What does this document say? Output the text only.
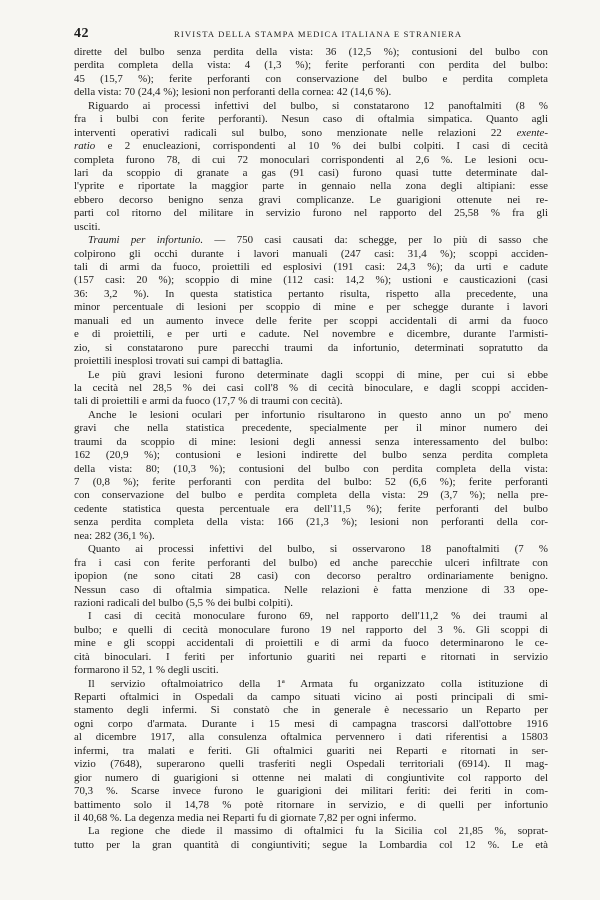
42	RIVISTA DELLA STAMPA MEDICA ITALIANA E STRANIERA
dirette del bulbo senza perdita della vista: 36 (12,5 %); contusioni del bulbo con
perdita completa della vista: 4 (1,3 %); ferite perforanti con perdita del bulbo:
45 (15,7 %); ferite perforanti con conservazione del bulbo e perdita completa
della vista: 70 (24,4 %); lesioni non perforanti della cornea: 42 (14,6 %).
Riguardo ai processi infettivi del bulbo, si constatarono 12 panoftalmiti (8 %
fra i bulbi con ferite perforanti). Nesun caso di oftalmia simpatica. Quanto agli
interventi operativi radicali sul bulbo, sono menzionate nelle relazioni 22 exente-
ratio e 2 enucleazioni, corrispondenti al 10 % dei bulbi colpiti. I casi di cecità
completa furono 78, di cui 72 monoculari corrispondenti al 2,6 %. Le lesioni ocu-
lari da scoppio di granate a gas (91 casi) furono quasi tutte determinate dal-
l'yprite e riportate la maggior parte in gennaio nella zona degli altipiani: esse
ebbero decorso benigno senza gravi complicanze. Le guarigioni ottenute nei re-
parti col ritorno del militare in servizio furono nel rapporto del 25,58 % fra gli
usciti.
Traumi per infortunio. — 750 casi causati da: schegge, per lo più di sasso che
colpirono gli occhi durante i lavori manuali (247 casi: 31,4 %); scoppi acciden-
tali di armi da fuoco, proiettili ed esplosivi (191 casi: 24,3 %); da urti e cadute
(157 casi: 20 %); scoppio di mine (112 casi: 14,2 %); ustioni e causticazioni (casi
36: 3,2 %). In questa statistica pertanto risulta, rispetto alla precedente, una
minor percentuale di lesioni per scoppio di mine e per schegge durante i lavori
manuali ed un aumento invece delle ferite per scoppi accidentali di armi da fuoco
e di proiettili, e per urti e cadute. Nel novembre e dicembre, durante l'armisti-
zio, si constatarono pure parecchi traumi da infortunio, determinati sopratutto da
proiettili inesplosi trovati sui campi di battaglia.
Le più gravi lesioni furono determinate dagli scoppi di mine, per cui si ebbe
la cecità nel 28,5 % dei casi coll'8 % di cecità binoculare, e dagli scoppi acciden-
tali di proiettili e armi da fuoco (17,7 % di traumi con cecità).
Anche le lesioni oculari per infortunio risultarono in questo anno un po' meno
gravi che nella statistica precedente, specialmente per il minor numero dei
traumi da scoppio di mine: lesioni degli annessi senza interessamento del bulbo:
162 (20,9 %); contusioni e lesioni indirette del bulbo senza perdita completa
della vista: 80; (10,3 %); contusioni del bulbo con perdita completa della vista:
7 (0,8 %); ferite perforanti con perdita del bulbo: 52 (6,6 %); ferite perforanti
con conservazione del bulbo e perdita completa della vista: 29 (3,7 %); nella pre-
cedente statistica questa percentuale era dell'11,5 %); ferite perforanti del bulbo
senza perdita completa della vista: 166 (21,3 %); lesioni non perforanti della cor-
nea: 282 (36,1 %).
Quanto ai processi infettivi del bulbo, si osservarono 18 panoftalmiti (7 %
fra i casi con ferite perforanti del bulbo) ed anche parecchie ulceri infiltrate con
ipopion (ne sono citati 28 casi) con decorso peraltro ordinariamente benigno.
Nessun caso di oftalmia simpatica. Nelle relazioni è fatta menzione di 33 ope-
razioni radicali del bulbo (5,5 % dei bulbi colpiti).
I casi di cecità monoculare furono 69, nel rapporto dell'11,2 % dei traumi al
bulbo; e quelli di cecità monoculare furono 19 nel rapporto del 3 %. Gli scoppi di
mine e gli scoppi accidentali di proiettili e di armi da fuoco determinarono le ce-
cità binoculari. I feriti per infortunio guariti nei reparti e ritornati in servizio
formarono il 52, 1 % degli usciti.
Il servizio oftalmoiatrico della 1ª Armata fu organizzato colla istituzione di
Reparti oftalmici in Ospedali da campo situati vicino ai posti principali di smi-
stamento degli infermi. Si constatò che in generale è necessario un Reparto per
ogni corpo d'armata. Durante i 15 mesi di campagna trascorsi dall'ottobre 1916
al dicembre 1917, alla consulenza oftalmica pervennero i dati riferentisi a 15803
infermi, tra malati e feriti. Gli oftalmici guariti nei Reparti e ritornati in ser-
vizio (7648), superarono quelli trasferiti negli Ospedali territoriali (6914). Il mag-
gior numero di guarigioni si ottenne nei malati di congiuntivite col rapporto del
70,3 %. Scarse invece furono le guarigioni dei militari feriti: dei feriti in com-
battimento solo il 14,78 % potè ritornare in servizio, e di quelli per infortunio
il 40,68 %. La degenza media nei Reparti fu di giornate 7,82 per ogni infermo.
La regione che diede il massimo di oftalmici fu la Sicilia col 21,85 %, soprat-
tutto per la gran quantità di congiuntiviti; segue la Lombardia col 12 %. Le età
